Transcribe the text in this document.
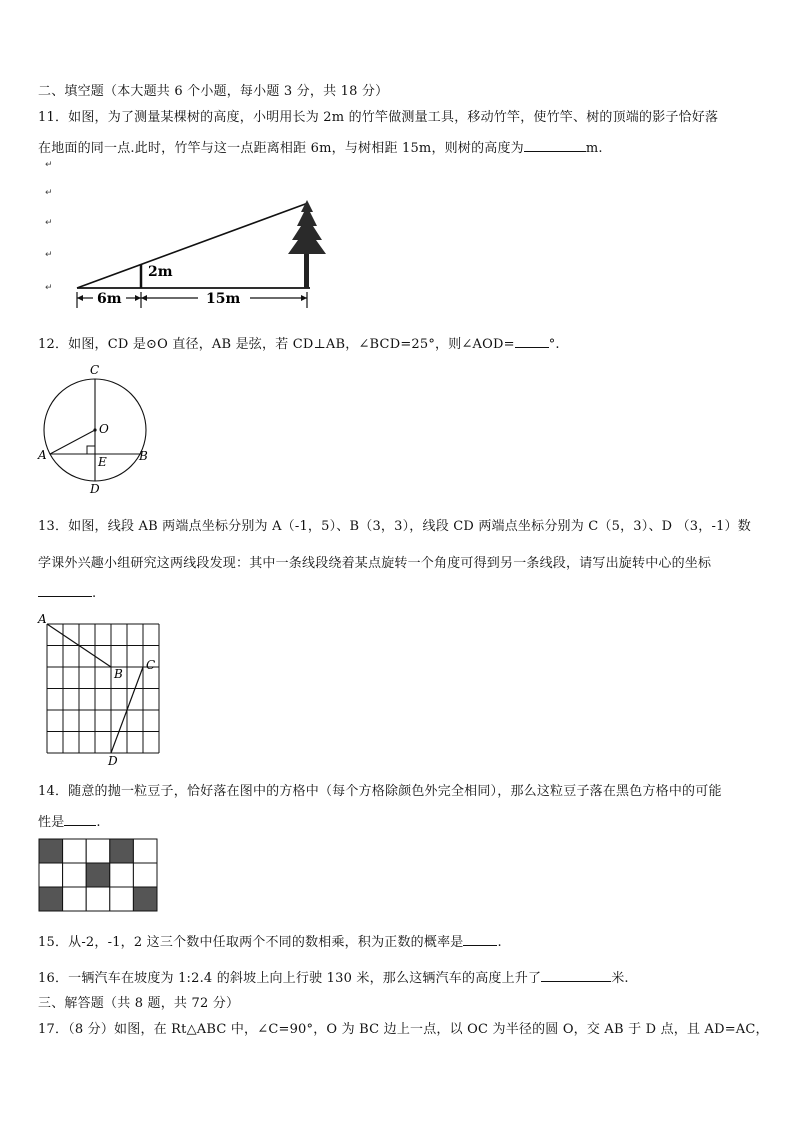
二、填空题（本大题共 6 个小题，每小题 3 分，共 18 分）
11．如图，为了测量某棵树的高度，小明用长为 2m 的竹竿做测量工具，移动竹竿，使竹竿、树的顶端的影子恰好落
在地面的同一点.此时，竹竿与这一点距离相距 6m，与树相距 15m，则树的高度为	m.
↵
↵
↵
↵
↵
2m
6m	15m
12．如图，CD 是⊙O 直径，AB 是弦，若 CD⊥AB，∠BCD=25°，则∠AOD=	°.
C
O
A	B
E
D
13．如图，线段 AB 两端点坐标分别为 A（-1，5）、B（3，3），线段 CD 两端点坐标分别为 C（5，3）、D （3，-1）数
学课外兴趣小组研究这两线段发现：其中一条线段绕着某点旋转一个角度可得到另一条线段，请写出旋转中心的坐标
.
A
B
C
D
14．随意的抛一粒豆子，恰好落在图中的方格中（每个方格除颜色外完全相同），那么这粒豆子落在黑色方格中的可能
性是 .
15．从-2，-1，2 这三个数中任取两个不同的数相乘，积为正数的概率是	.
16．一辆汽车在坡度为 1:2.4 的斜坡上向上行驶 130 米，那么这辆汽车的高度上升了	米.
三、解答题（共 8 题，共 72 分）
17．（8 分）如图，在 Rt△ABC 中，∠C=90°，O 为 BC 边上一点，以 OC 为半径的圆 O，交 AB 于 D 点，且 AD=AC，
